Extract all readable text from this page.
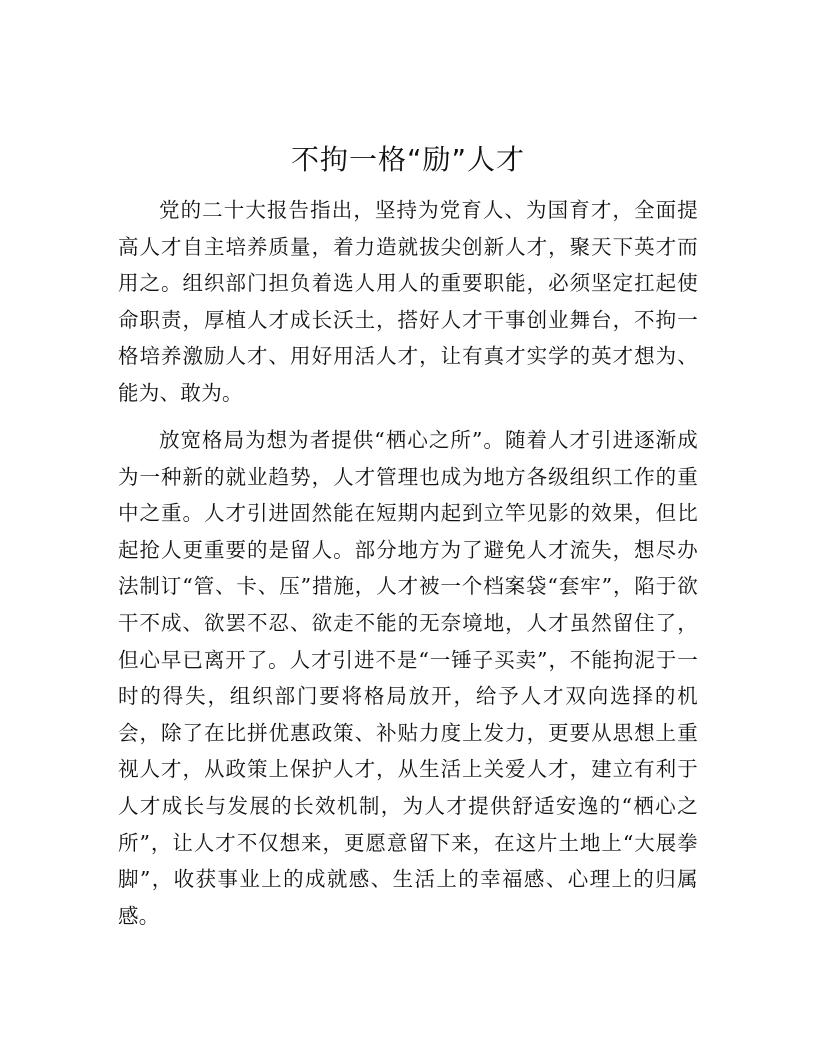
不拘一格“励”人才

党的二十大报告指出，坚持为党育人、为国育才，全面提高人才自主培养质量，着力造就拔尖创新人才，聚天下英才而用之。组织部门担负着选人用人的重要职能，必须坚定扛起使命职责，厚植人才成长沃土，搭好人才干事创业舞台，不拘一格培养激励人才、用好用活人才，让有真才实学的英才想为、能为、敢为。

放宽格局为想为者提供“栖心之所”。随着人才引进逐渐成为一种新的就业趋势，人才管理也成为地方各级组织工作的重中之重。人才引进固然能在短期内起到立竿见影的效果，但比起抢人更重要的是留人。部分地方为了避免人才流失，想尽办法制订“管、卡、压”措施，人才被一个档案袋“套牢”，陷于欲干不成、欲罢不忍、欲走不能的无奈境地，人才虽然留住了，但心早已离开了。人才引进不是“一锤子买卖”，不能拘泥于一时的得失，组织部门要将格局放开，给予人才双向选择的机会，除了在比拼优惠政策、补贴力度上发力，更要从思想上重视人才，从政策上保护人才，从生活上关爱人才，建立有利于人才成长与发展的长效机制，为人才提供舒适安逸的“栖心之所”，让人才不仅想来，更愿意留下来，在这片土地上“大展拳脚”，收获事业上的成就感、生活上的幸福感、心理上的归属感。
